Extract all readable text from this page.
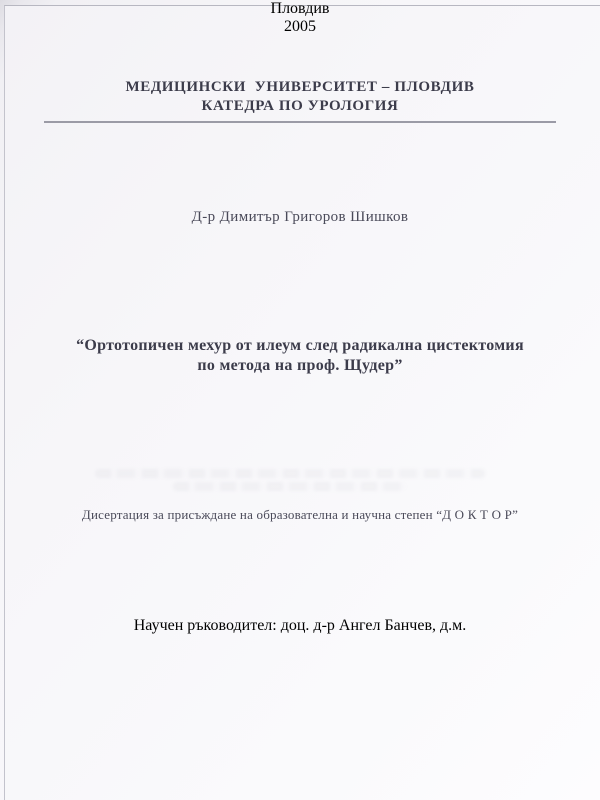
МЕДИЦИНСКИ  УНИВЕРСИТЕТ – ПЛОВДИВ
КАТЕДРА ПО УРОЛОГИЯ
Д-р Димитър Григоров Шишков
“Ортотопичен мехур от илеум след радикална цистектомия
по метода на проф. Щудер”
Дисертация за присъждане на образователна и научна степен “Д О К Т О Р”
Научен ръководител: доц. д-р Ангел Банчев, д.м.
Пловдив
2005
